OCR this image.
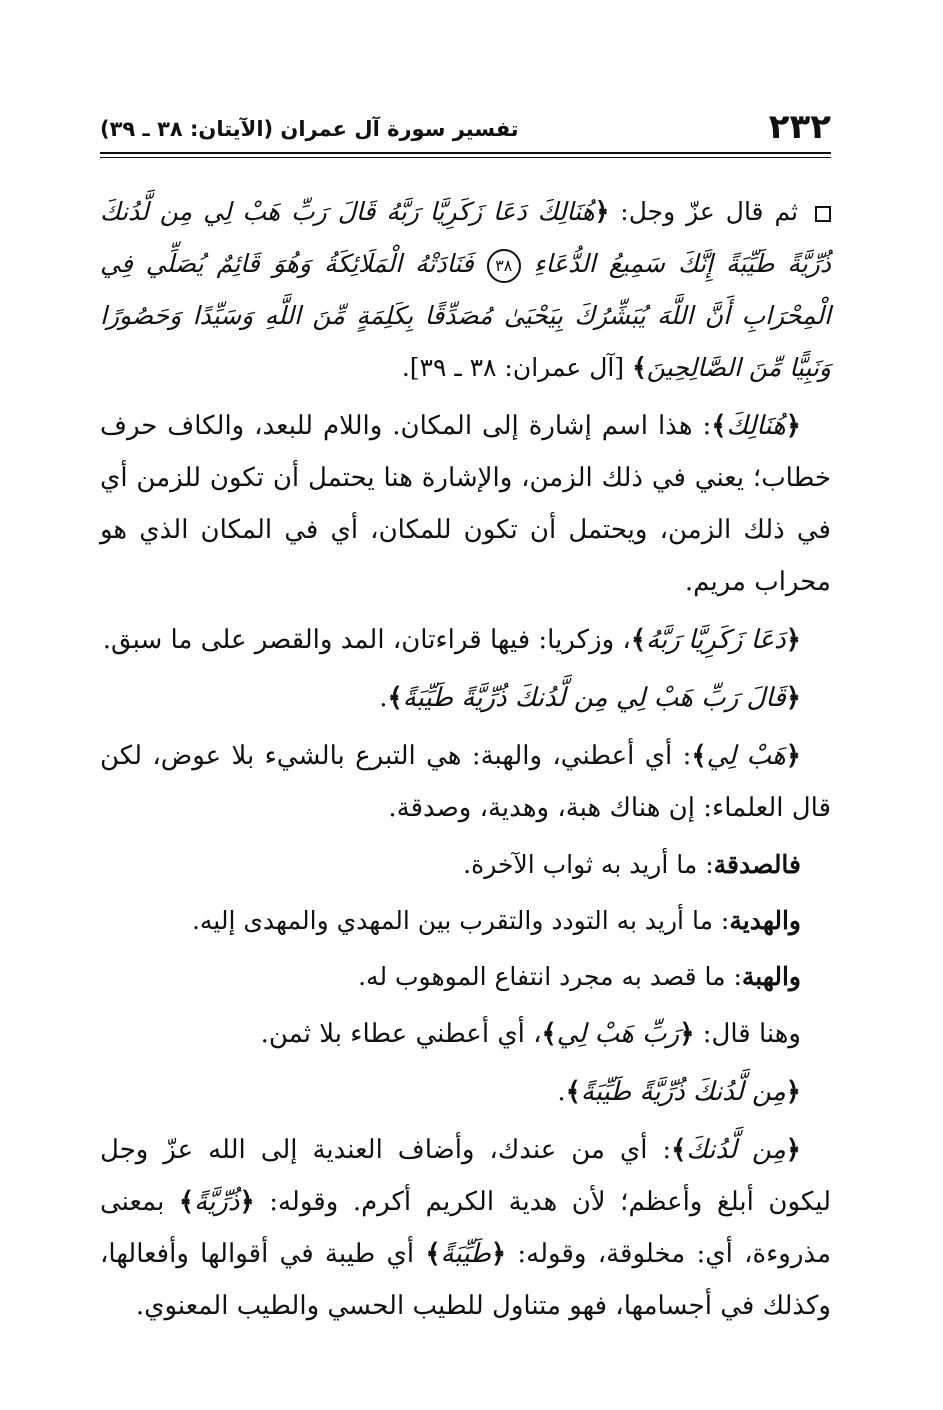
٢٣٢
تفسير سورة آل عمران (الآيتان: ٣٨ ـ ٣٩)

ثم قال عزّ وجل: ﴿هُنَالِكَ دَعَا زَكَرِيَّا رَبَّهُ قَالَ رَبِّ هَبْ لِي مِن لَّدُنكَ ذُرِّيَّةً طَيِّبَةً إِنَّكَ سَمِيعُ الدُّعَاءِ ٣٨ فَنَادَتْهُ الْمَلَائِكَةُ وَهُوَ قَائِمٌ يُصَلِّي فِي الْمِحْرَابِ أَنَّ اللَّهَ يُبَشِّرُكَ بِيَحْيَىٰ مُصَدِّقًا بِكَلِمَةٍ مِّنَ اللَّهِ وَسَيِّدًا وَحَصُورًا وَنَبِيًّا مِّنَ الصَّالِحِينَ﴾ [آل عمران: ٣٨ ـ ٣٩].

﴿هُنَالِكَ﴾: هذا اسم إشارة إلى المكان. واللام للبعد، والكاف حرف خطاب؛ يعني في ذلك الزمن، والإشارة هنا يحتمل أن تكون للزمن أي في ذلك الزمن، ويحتمل أن تكون للمكان، أي في المكان الذي هو محراب مريم.

﴿دَعَا زَكَرِيَّا رَبَّهُ﴾، وزكريا: فيها قراءتان، المد والقصر على ما سبق.

﴿قَالَ رَبِّ هَبْ لِي مِن لَّدُنكَ ذُرِّيَّةً طَيِّبَةً﴾.

﴿هَبْ لِي﴾: أي أعطني، والهبة: هي التبرع بالشيء بلا عوض، لكن قال العلماء: إن هناك هبة، وهدية، وصدقة.

فالصدقة: ما أريد به ثواب الآخرة.

والهدية: ما أريد به التودد والتقرب بين المهدي والمهدى إليه.

والهبة: ما قصد به مجرد انتفاع الموهوب له.

وهنا قال: ﴿رَبِّ هَبْ لِي﴾، أي أعطني عطاء بلا ثمن.

﴿مِن لَّدُنكَ ذُرِّيَّةً طَيِّبَةً﴾.

﴿مِن لَّدُنكَ﴾: أي من عندك، وأضاف العندية إلى الله عزّ وجل ليكون أبلغ وأعظم؛ لأن هدية الكريم أكرم. وقوله: ﴿ذُرِّيَّةً﴾ بمعنى مذروءة، أي: مخلوقة، وقوله: ﴿طَيِّبَةً﴾ أي طيبة في أقوالها وأفعالها، وكذلك في أجسامها، فهو متناول للطيب الحسي والطيب المعنوي.
